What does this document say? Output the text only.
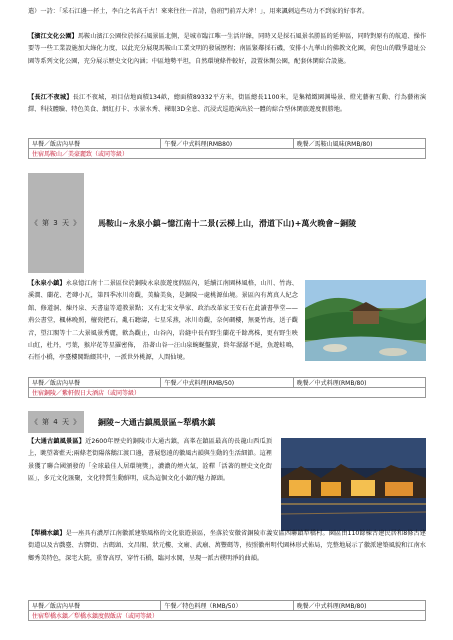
遣）一詩：「采石江邊一抔土，李白之名高千古！來來往往一首詩，魯班門前弄大斧！」，用來諷刺這些功力不到家的好事者。

【濱江文化公園】馬鞍山濱江公園位於採石風景區北側，是城市臨江唯一生活岸線，同時又是採石風景名勝區的延伸區，同時對原有的航道、操作要等一些工業設施加大綠化力度，以此充分展現馬鞍山工業文明的發展歷程；南區緊鄰採石磯，安排小九華山的佛教文化園，荷包山的戰爭遺址公園等系列文化公園，充分展示歷史文化內涵；中區地勢平坦，自然環境條件較好，設置休閑公園，配套休閑綜合設施。

【長江不夜城】長江不夜城，項目佔地面積134畝，總面積89332平方米，街區總長1100米，是集精緻園渊場景、燈光藝術互動、行為藝術演繹、科技體驗、特色美食、網紅打卡、水景水秀、裸眼3D全息、沉浸式巡遊演出於一體的綜合型休閑旅遊度假勝地。

早餐／飯店內早餐	午餐／中式料理(RMB80)	晚餐／馬鞍山風味(RMB/80)
住宿馬鞍山／美豪麗致（或同等級）
《 第 3 天 》	馬鞍山~永泉小鎮~憶江南十二景(云梯上山，滑道下山)+萬火晚會~銅陵

【永泉小鎮】永泉憶江南十二景區位於銅陵永泉旅遊度假區內，延續江南園林風格，山川、竹海、溪澗、蘭花、老磚小瓦，第四季冰川奇觀，美輪美奐，是銅陵一處桃源仙境。景區內有萬真人紀念館、修道洞、煉丹泉、天書崖等道教景點；又有北宋文學家、政治改革家王安石在此讀書學堂——荊公書堂，楓林晚照，檀瓷把石，亂石聽濤，七星采燕，冰川奇觀，奈何碉樓，無憂竹海，送子觀音，望江閣等十二大景風景秀麗，軟為觀止，山谷內，岩縫中長有野生蘭花千餘萬株，更有野生映山紅，杜丹，弓葉，猴岸花等星羅密佈，　沿著山谷一汪山泉蜿蜒盤旋，終年潺潺不絕，魚遊蛙鳴，石徑小橋，亭臺樓閣點綴其中，一派世外桃源，人間仙境。

早餐／飯店內早餐	午餐／中式料理(RMB/50)	晚餐／中式料理(RMB/80)
住宿銅陵／紫軒假日大酒店（或同等級）
《 第 4 天 》	銅陵~大通古鎮風景區~犁橋水鎮

【大通古鎮風景區】近2600年歷史的銅陵市大通古鎮，高峯在鎮區最高的長龍山西瓜頂上，眺望著藍天;兩條老街陽落鵝江渡口邊，書展悠遠的徽風古韻與生動的生活細節。這裡景獲了聯合國頒發的「全球最佳人居環境獎」，濃濃的煙火氣，詮釋「活著的歷史文化街區」，多元文化匯聚，文化特質生動鮮明，成為這個文化小鎮的魅力源頭。

【犁橋水鎮】是一座具有濃厚江南徽派建築風格的文化旅遊景區，坐落於安徽省銅陵市義安區西聯鎮犁橋村。園區由110餘棟古建民居和8條古建街道以及古戲臺、古驛街、古碼頭、文昌閣、狀元樓、文廟、武廟、萬豐碼等，按照徽州明代園林形式佈局，完整地展示了徽派建築風貌和江南水鄉秀美特色，深宅大院，重脊高厚，穿竹石橋，臨河水閣，呈現一派古樸明淨的曲韻。

早餐／飯店內早餐	午餐／特色料理（RMB/50）	晚餐／中式料理(RMB/80)
住宿犁橋水鎮／犁橋水鎮度假飯店（或同等級）
